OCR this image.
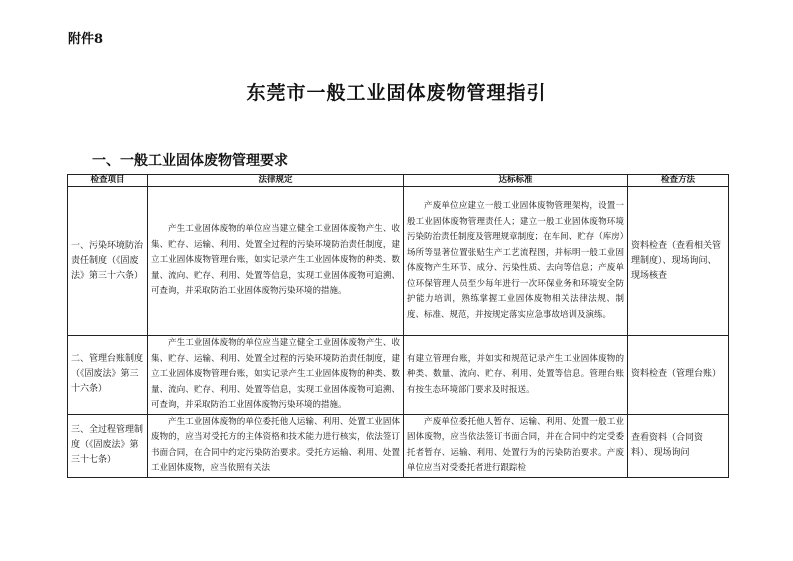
附件8
东莞市一般工业固体废物管理指引
一、一般工业固体废物管理要求
检查项目	法律规定	达标标准	检查方法
一、污染环境防治责任制度（《固废法》第三十六条）	产生工业固体废物的单位应当建立健全工业固体废物产生、收集、贮存、运输、利用、处置全过程的污染环境防治责任制度，建立工业固体废物管理台账，如实记录产生工业固体废物的种类、数量、流向、贮存、利用、处置等信息，实现工业固体废物可追溯、可查询，并采取防治工业固体废物污染环境的措施。	产废单位应建立一般工业固体废物管理架构，设置一般工业固体废物管理责任人；建立一般工业固体废物环境污染防治责任制度及管理规章制度；在车间、贮存（库房）场所等显著位置张贴生产工艺流程图，并标明一般工业固体废物产生环节、成分、污染性质、去向等信息；产废单位环保管理人员至少每年进行一次环保业务和环境安全防护能力培训，熟练掌握工业固体废物相关法律法规、制度、标准、规范，并按规定落实应急事故培训及演练。	资料检查（查看相关管理制度）、现场询问、现场核查
二、管理台账制度（《固废法》第三十六条）	产生工业固体废物的单位应当建立健全工业固体废物产生、收集、贮存、运输、利用、处置全过程的污染环境防治责任制度，建立工业固体废物管理台账，如实记录产生工业固体废物的种类、数量、流向、贮存、利用、处置等信息，实现工业固体废物可追溯、可查询，并采取防治工业固体废物污染环境的措施。	有建立管理台账，并如实和规范记录产生工业固体废物的种类、数量、流向、贮存、利用、处置等信息。管理台账有按生态环境部门要求及时报送。	资料检查（管理台账）
三、全过程管理制度（《固废法》第三十七条）	产生工业固体废物的单位委托他人运输、利用、处置工业固体废物的，应当对受托方的主体资格和技术能力进行核实，依法签订书面合同，在合同中约定污染防治要求。受托方运输、利用、处置工业固体废物，应当依照有关法	产废单位委托他人暂存、运输、利用、处置一般工业固体废物，应当依法签订书面合同，并在合同中约定受委托者暂存、运输、利用、处置行为的污染防治要求。产废单位应当对受委托者进行跟踪检	查看资料（合同资料）、现场询问
